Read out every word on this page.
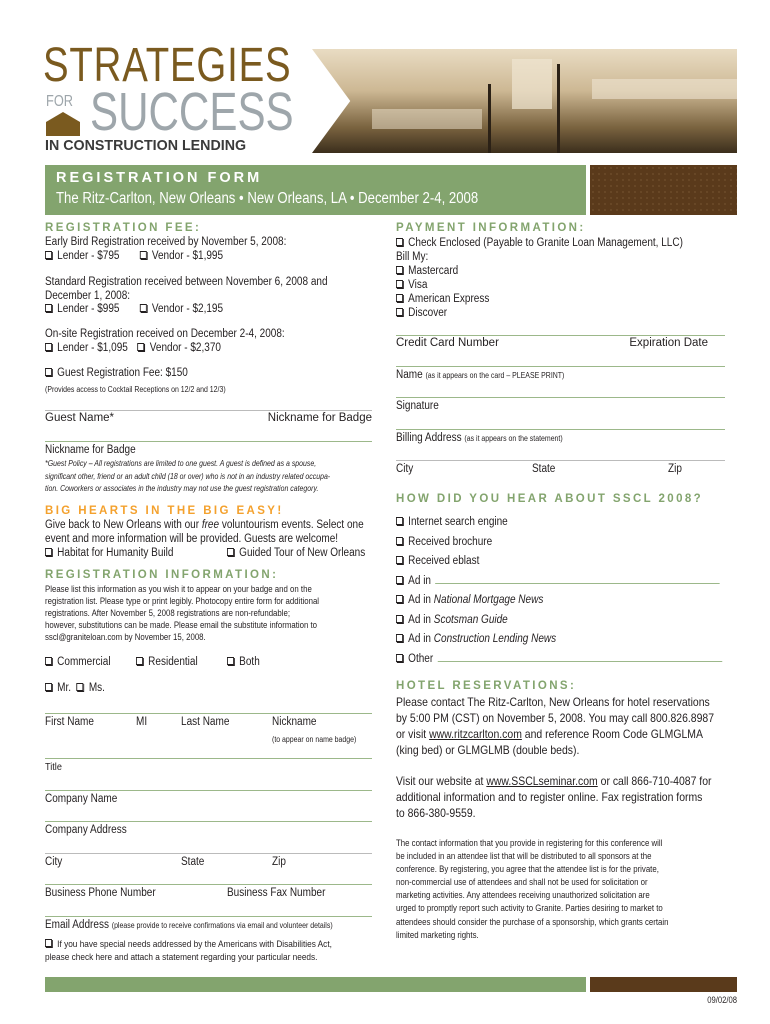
STRATEGIES
FOR SUCCESS
IN CONSTRUCTION LENDING
REGISTRATION FORM
The Ritz-Carlton, New Orleans • New Orleans, LA • December 2-4, 2008
REGISTRATION FEE:
Early Bird Registration received by November 5, 2008:
Lender - $795	Vendor - $1,995
Standard Registration received between November 6, 2008 and
December 1, 2008:
Lender - $995	Vendor - $2,195
On-site Registration received on December 2-4, 2008:
Lender - $1,095 Vendor - $2,370
Guest Registration Fee: $150
(Provides access to Cocktail Receptions on 12/2 and 12/3)
Guest Name*	Nickname for Badge
Nickname for Badge
*Guest Policy – All registrations are limited to one guest. A guest is defined as a spouse,
significant other, friend or an adult child (18 or over) who is not in an industry related occupa-
tion. Coworkers or associates in the industry may not use the guest registration category.
BIG HEARTS IN THE BIG EASY!
Give back to New Orleans with our free voluntourism events. Select one
event and more information will be provided. Guests are welcome!
Habitat for Humanity Build	Guided Tour of New Orleans
REGISTRATION INFORMATION:
Please list this information as you wish it to appear on your badge and on the
registration list. Please type or print legibly. Photocopy entire form for additional
registrations. After November 5, 2008 registrations are non-refundable;
however, substitutions can be made. Please email the substitute information to
sscl@graniteloan.com by November 15, 2008.
Commercial	Residential	Both
Mr. Ms.
First Name	MI	Last Name	Nickname
(to appear on name badge)
Title
Company Name
Company Address
City	State	Zip
Business Phone Number	Business Fax Number
Email Address (please provide to receive confirmations via email and volunteer details)
If you have special needs addressed by the Americans with Disabilities Act,
please check here and attach a statement regarding your particular needs.
PAYMENT INFORMATION:
Check Enclosed (Payable to Granite Loan Management, LLC)
Bill My:
Mastercard
Visa
American Express
Discover
Credit Card Number	Expiration Date
Name (as it appears on the card – PLEASE PRINT)
Signature
Billing Address (as it appears on the statement)
City	State	Zip
HOW DID YOU HEAR ABOUT SSCL 2008?
Internet search engine
Received brochure
Received eblast
Ad in
Ad in National Mortgage News
Ad in Scotsman Guide
Ad in Construction Lending News
Other
HOTEL RESERVATIONS:
Please contact The Ritz-Carlton, New Orleans for hotel reservations
by 5:00 PM (CST) on November 5, 2008. You may call 800.826.8987
or visit www.ritzcarlton.com and reference Room Code GLMGLMA
(king bed) or GLMGLMB (double beds).
Visit our website at www.SSCLseminar.com or call 866-710-4087 for
additional information and to register online. Fax registration forms
to 866-380-9559.
The contact information that you provide in registering for this conference will
be included in an attendee list that will be distributed to all sponsors at the
conference. By registering, you agree that the attendee list is for the private,
non-commercial use of attendees and shall not be used for solicitation or
marketing activities. Any attendees receiving unauthorized solicitation are
urged to promptly report such activity to Granite. Parties desiring to market to
attendees should consider the purchase of a sponsorship, which grants certain
limited marketing rights.
09/02/08
